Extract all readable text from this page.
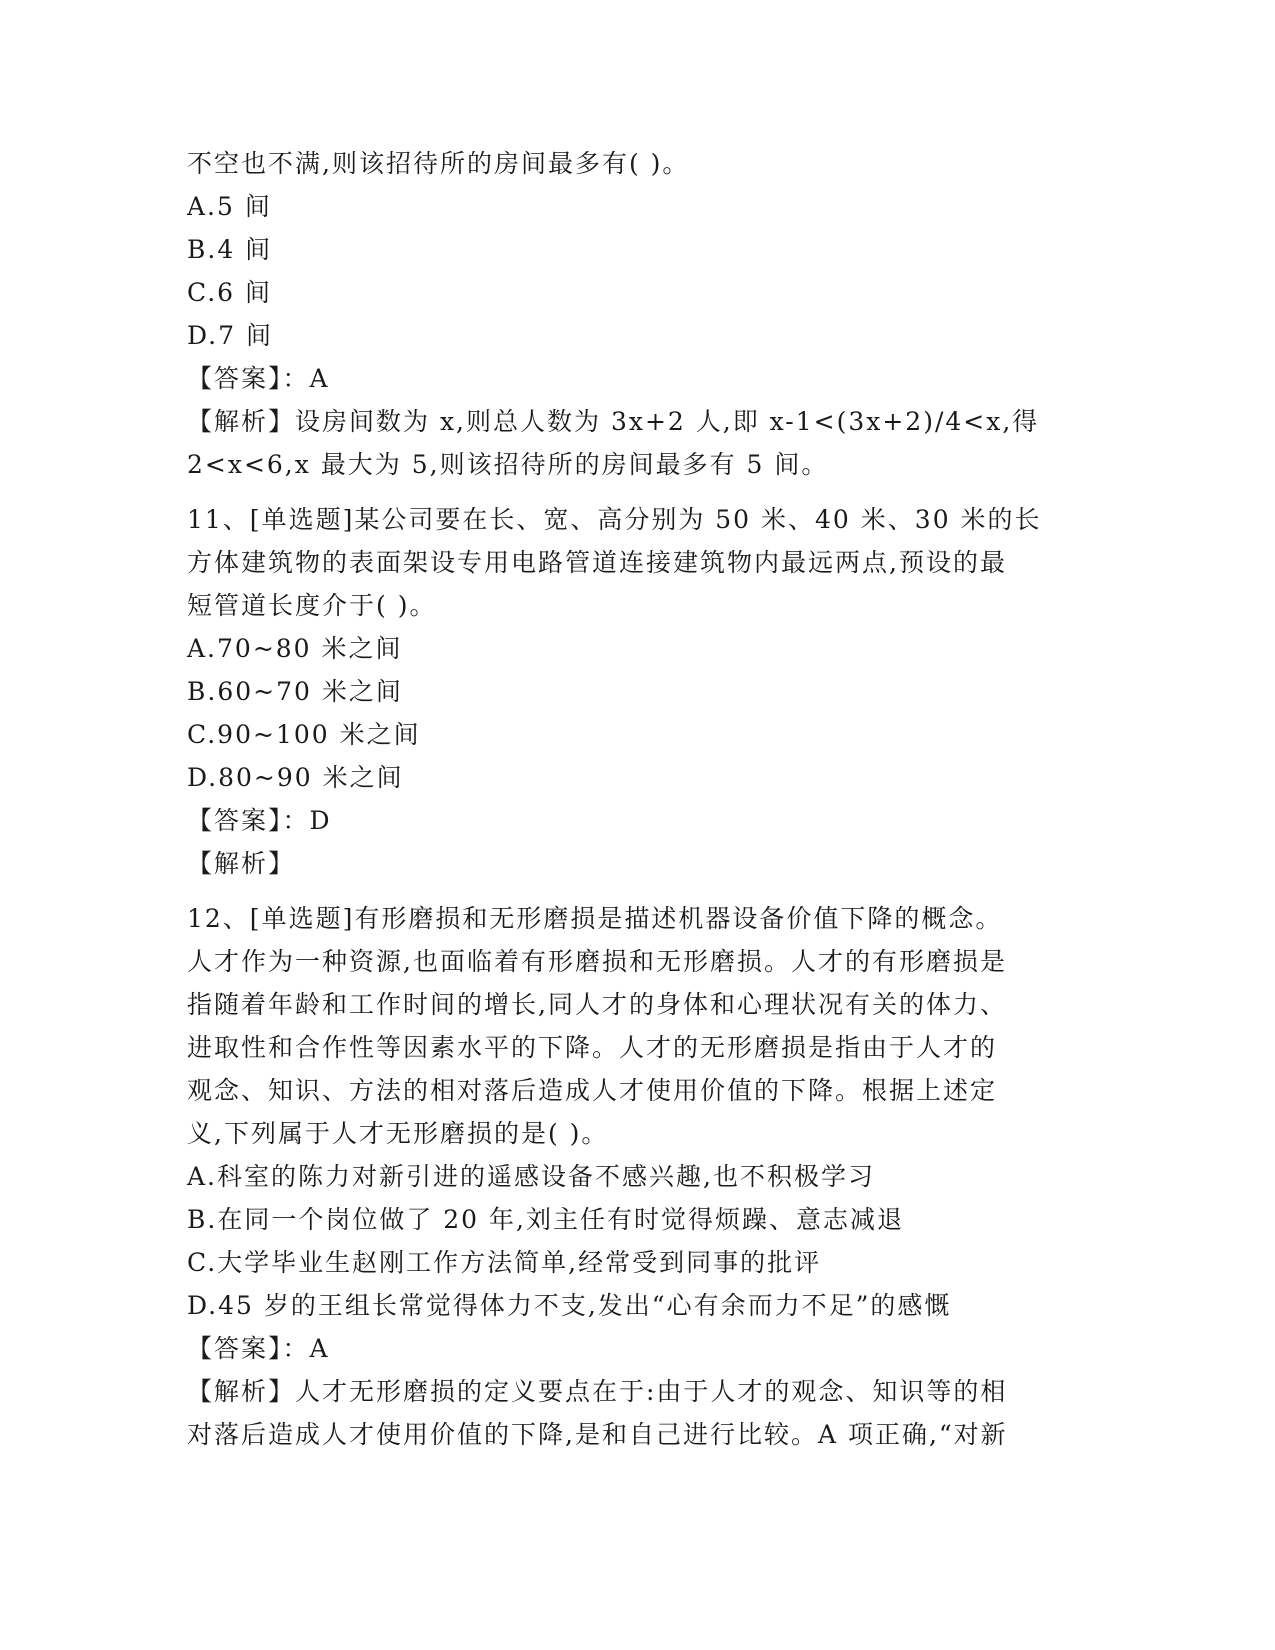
不空也不满,则该招待所的房间最多有( )。
A.5 间
B.4 间
C.6 间
D.7 间
【答案】：A
【解析】设房间数为 x,则总人数为 3x+2 人,即 x-1<(3x+2)/4<x,得
2<x<6,x 最大为 5,则该招待所的房间最多有 5 间。
11、[单选题]某公司要在长、宽、高分别为 50 米、40 米、30 米的长
方体建筑物的表面架设专用电路管道连接建筑物内最远两点,预设的最
短管道长度介于( )。
A.70~80 米之间
B.60~70 米之间
C.90~100 米之间
D.80~90 米之间
【答案】：D
【解析】
12、[单选题]有形磨损和无形磨损是描述机器设备价值下降的概念。
人才作为一种资源,也面临着有形磨损和无形磨损。人才的有形磨损是
指随着年龄和工作时间的增长,同人才的身体和心理状况有关的体力、
进取性和合作性等因素水平的下降。人才的无形磨损是指由于人才的
观念、知识、方法的相对落后造成人才使用价值的下降。根据上述定
义,下列属于人才无形磨损的是( )。
A.科室的陈力对新引进的遥感设备不感兴趣,也不积极学习
B.在同一个岗位做了 20 年,刘主任有时觉得烦躁、意志减退
C.大学毕业生赵刚工作方法简单,经常受到同事的批评
D.45 岁的王组长常觉得体力不支,发出“心有余而力不足”的感慨
【答案】：A
【解析】人才无形磨损的定义要点在于:由于人才的观念、知识等的相
对落后造成人才使用价值的下降,是和自己进行比较。A 项正确,“对新
